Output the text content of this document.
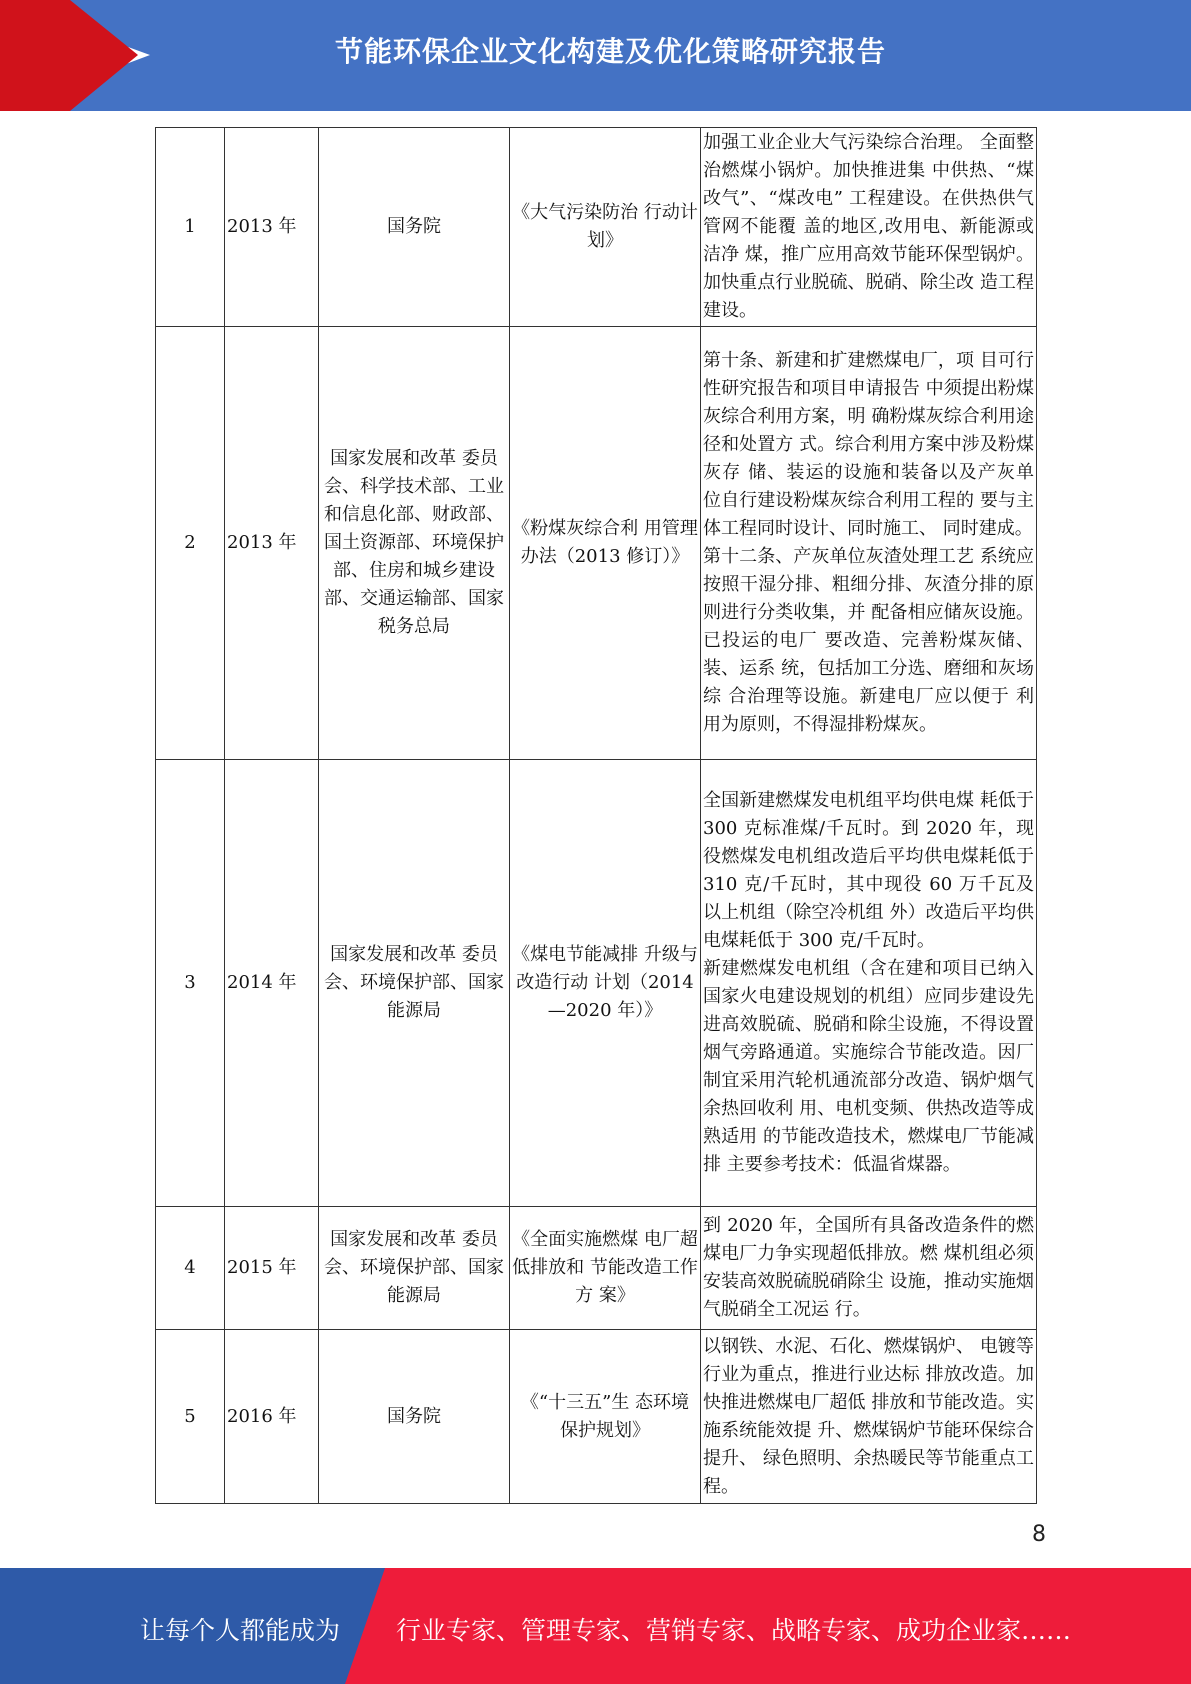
节能环保企业文化构建及优化策略研究报告
1	2013 年	国务院	《大气污染防治 行动计划》	加强工业企业大气污染综合治理。 全面整治燃煤小锅炉。加快推进集 中供热、“煤改气”、“煤改电” 工程建设。在供热供气管网不能覆 盖的地区,改用电、新能源或洁净 煤，推广应用高效节能环保型锅炉。 加快重点行业脱硫、脱硝、除尘改 造工程建设。
2	2013 年	国家发展和改革 委员会、科学技术部、工业和信息化部、财政部、国土资源部、环境保护部、住房和城乡建设部、交通运输部、国家税务总局	《粉煤灰综合利 用管理办法（2013 修订）》	第十条、新建和扩建燃煤电厂，项 目可行性研究报告和项目申请报告 中须提出粉煤灰综合利用方案，明 确粉煤灰综合利用途径和处置方 式。综合利用方案中涉及粉煤灰存 储、装运的设施和装备以及产灰单 位自行建设粉煤灰综合利用工程的 要与主体工程同时设计、同时施工、 同时建成。
第十二条、产灰单位灰渣处理工艺 系统应按照干湿分排、粗细分排、灰渣分排的原则进行分类收集，并 配备相应储灰设施。已投运的电厂 要改造、完善粉煤灰储、装、运系 统，包括加工分选、磨细和灰场综 合治理等设施。新建电厂应以便于 利用为原则，不得湿排粉煤灰。
3	2014 年	国家发展和改革 委员会、环境保护部、国家能源局	《煤电节能减排 升级与改造行动 计划（2014—2020 年）》	全国新建燃煤发电机组平均供电煤 耗低于 300 克标准煤/千瓦时。到 2020 年，现役燃煤发电机组改造后平均供电煤耗低于 310 克/千瓦时，其中现役 60 万千瓦及以上机组（除空冷机组 外）改造后平均供电煤耗低于 300 克/千瓦时。
新建燃煤发电机组（含在建和项目已纳入国家火电建设规划的机组）应同步建设先进高效脱硫、脱硝和除尘设施，不得设置烟气旁路通道。实施综合节能改造。因厂制宜采用汽轮机通流部分改造、锅炉烟气余热回收利 用、电机变频、供热改造等成熟适用 的节能改造技术，燃煤电厂节能减排 主要参考技术：低温省煤器。
4	2015 年	国家发展和改革 委员会、环境保护部、国家能源局	《全面实施燃煤 电厂超低排放和 节能改造工作方 案》	到 2020 年，全国所有具备改造条件的燃煤电厂力争实现超低排放。燃 煤机组必须安装高效脱硫脱硝除尘 设施，推动实施烟气脱硝全工况运 行。
5	2016 年	国务院	《“十三五”生 态环境保护规划》	以钢铁、水泥、石化、燃煤锅炉、 电镀等行业为重点，推进行业达标 排放改造。加快推进燃煤电厂超低 排放和节能改造。实施系统能效提 升、燃煤锅炉节能环保综合提升、 绿色照明、余热暖民等节能重点工 程。
8
让每个人都能成为 行业专家、管理专家、营销专家、战略专家、成功企业家……
